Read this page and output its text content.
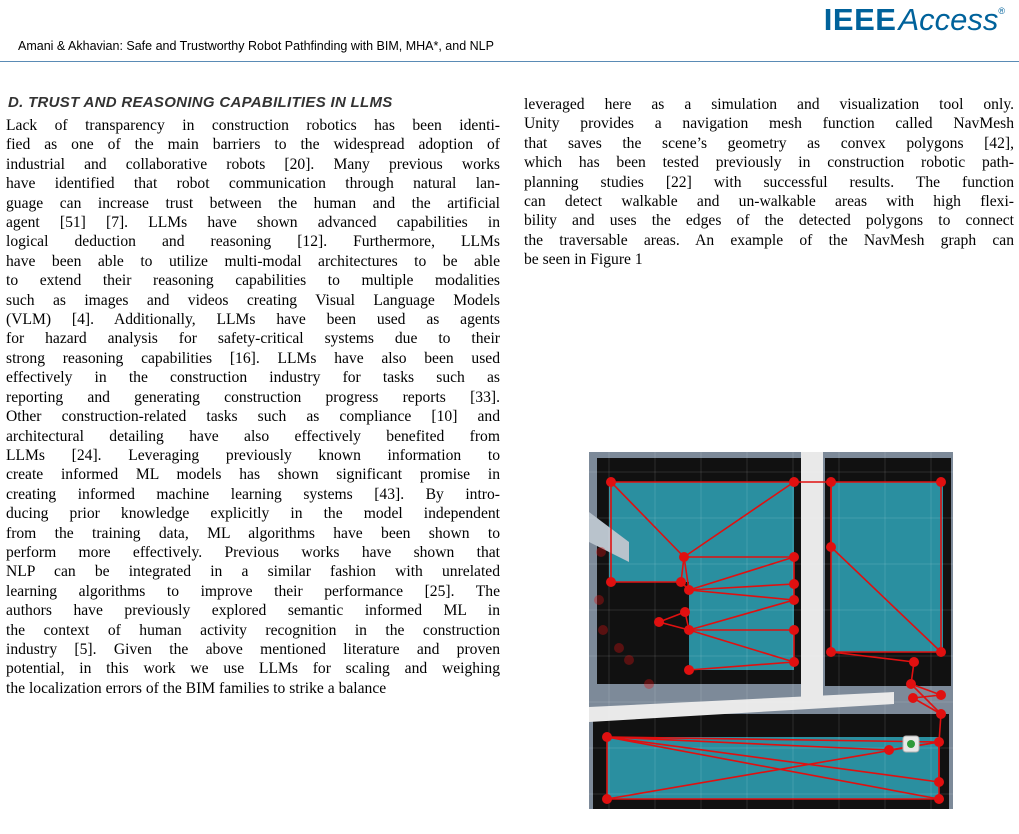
Amani & Akhavian: Safe and Trustworthy Robot Pathfinding with BIM, MHA*, and NLP
IEEEAccess®
D. TRUST AND REASONING CAPABILITIES IN LLMS

Lack of transparency in construction robotics has been identi-
fied as one of the main barriers to the widespread adoption of
industrial and collaborative robots [20]. Many previous works
have identified that robot communication through natural lan-
guage can increase trust between the human and the artificial
agent [51] [7]. LLMs have shown advanced capabilities in
logical deduction and reasoning [12]. Furthermore, LLMs
have been able to utilize multi-modal architectures to be able
to extend their reasoning capabilities to multiple modalities
such as images and videos creating Visual Language Models
(VLM) [4]. Additionally, LLMs have been used as agents
for hazard analysis for safety-critical systems due to their
strong reasoning capabilities [16]. LLMs have also been used
effectively in the construction industry for tasks such as
reporting and generating construction progress reports [33].
Other construction-related tasks such as compliance [10] and
architectural detailing have also effectively benefited from
LLMs [24]. Leveraging previously known information to
create informed ML models has shown significant promise in
creating informed machine learning systems [43]. By intro-
ducing prior knowledge explicitly in the model independent
from the training data, ML algorithms have been shown to
perform more effectively. Previous works have shown that
NLP can be integrated in a similar fashion with unrelated
learning algorithms to improve their performance [25]. The
authors have previously explored semantic informed ML in
the context of human activity recognition in the construction
industry [5]. Given the above mentioned literature and proven
potential, in this work we use LLMs for scaling and weighing
the localization errors of the BIM families to strike a balance

leveraged here as a simulation and visualization tool only.
Unity provides a navigation mesh function called NavMesh
that saves the scene’s geometry as convex polygons [42],
which has been tested previously in construction robotic path-
planning studies [22] with successful results. The function
can detect walkable and un-walkable areas with high flexi-
bility and uses the edges of the detected polygons to connect
the traversable areas. An example of the NavMesh graph can
be seen in Figure 1
